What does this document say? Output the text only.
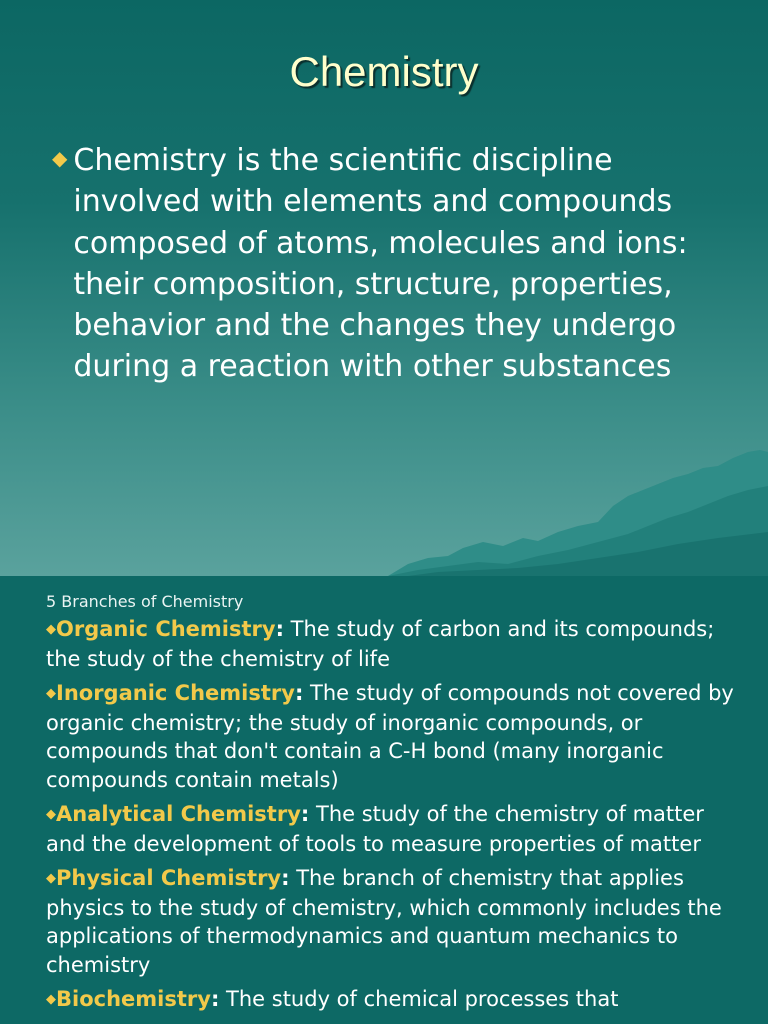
Chemistry
◆ Chemistry is the scientific discipline involved with elements and compounds composed of atoms, molecules and ions: their composition, structure, properties, behavior and the changes they undergo during a reaction with other substances
5 Branches of Chemistry
◆Organic Chemistry: The study of carbon and its compounds; the study of the chemistry of life
◆Inorganic Chemistry: The study of compounds not covered by organic chemistry; the study of inorganic compounds, or compounds that don't contain a C-H bond (many inorganic compounds contain metals)
◆Analytical Chemistry: The study of the chemistry of matter and the development of tools to measure properties of matter
◆Physical Chemistry: The branch of chemistry that applies physics to the study of chemistry, which commonly includes the applications of thermodynamics and quantum mechanics to chemistry
◆Biochemistry: The study of chemical processes that
